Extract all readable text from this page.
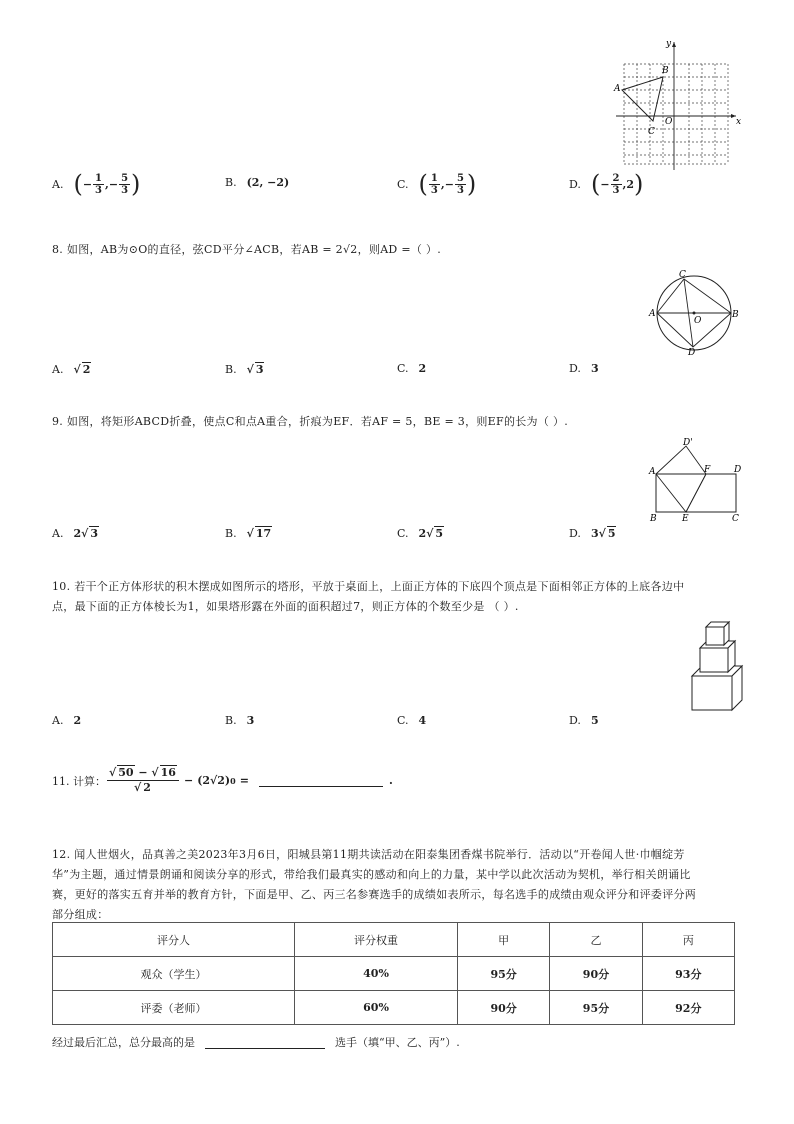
x
y
O
A
B
C
A. ( − $\frac{1}{3}$ , − $\frac{5}{3}$ )	B. (2, −2)	C. ( $\frac{1}{3}$ , − $\frac{5}{3}$ )	D. ( − $\frac{2}{3}$ , 2 )
8. 如图，AB为⊙O的直径，弦CD平分∠ACB，若AB = 2√2，则AD =（ ）.
C
A
O
B
D
A. √ 2	B. √ 3	C. 2	D. 3
9. 如图，将矩形ABCD折叠，使点C和点A重合，折痕为EF．若AF = 5，BE = 3，则EF的长为（ ）.
D'
A	F	D
B	E	C
A. 2 √ 3	B. √ 17	C. 2 √ 5	D. 3 √ 5
10. 若干个正方体形状的积木摆成如图所示的塔形，平放于桌面上，上面正方体的下底四个顶点是下面相邻正方体的上底各边中
点，最下面的正方体棱长为1，如果塔形露在外面的面积超过7，则正方体的个数至少是 （ ）.
A. 2	B. 3	C. 4	D. 5
11. 计算： $\frac{√ 50 - √ 16}{√ 2} - (2√2) 0$ =	.
12. 闻人世烟火，品真善之美2023年3月6日，阳城县第11期共读活动在阳泰集团香煤书院举行．活动以“开卷闻人世·巾帼绽芳
华”为主题，通过情景朗诵和阅读分享的形式，带给我们最真实的感动和向上的力量，某中学以此次活动为契机，举行相关朗诵比
赛，更好的落实五育并举的教育方针，下面是甲、乙、丙三名参赛选手的成绩如表所示，每名选手的成绩由观众评分和评委评分两
部分组成：
评分人	评分权重	甲	乙	丙
观众（学生）	40%	95分	90分	93分
评委（老师）	60%	90分	95分	92分
经过最后汇总，总分最高的是	选手（填“甲、乙、丙”）.
